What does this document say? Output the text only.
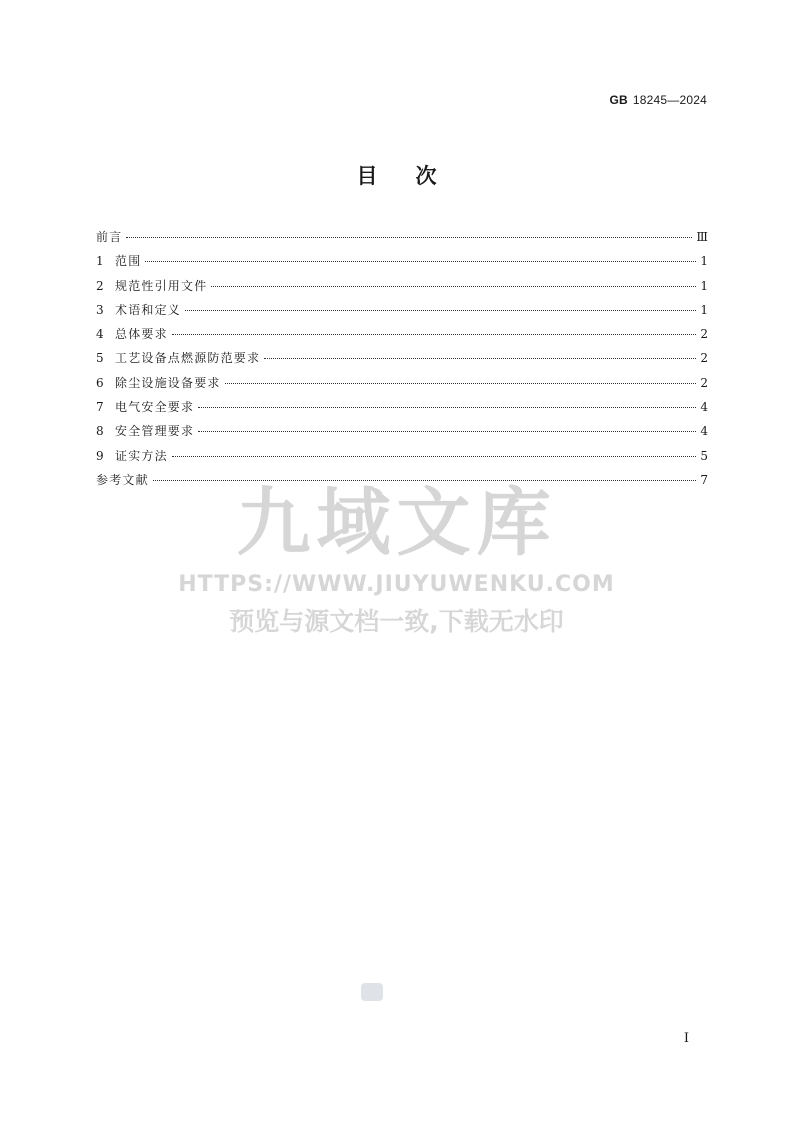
GB 18245—2024
目次
前言	Ⅲ
1 范围	1
2 规范性引用文件	1
3 术语和定义	1
4 总体要求	2
5 工艺设备点燃源防范要求	2
6 除尘设施设备要求	2
7 电气安全要求	4
8 安全管理要求	4
9 证实方法	5
参考文献	7
九域文库
HTTPS://WWW.JIUYUWENKU.COM
预览与源文档一致,下载无水印
I
